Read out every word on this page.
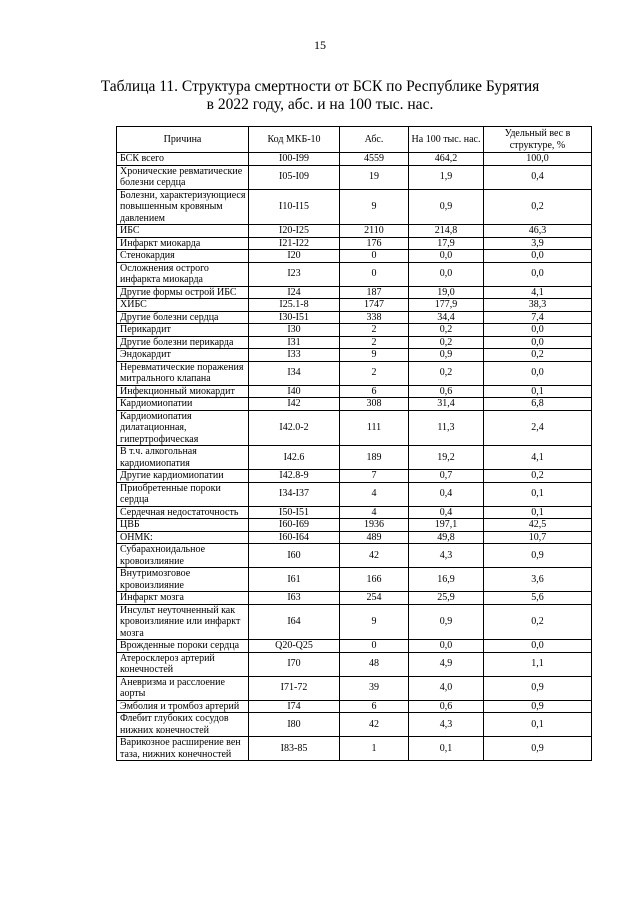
15
Таблица 11. Структура смертности от БСК по Республике Бурятия
в 2022 году, абс. и на 100 тыс. нас.
Причина	Код МКБ-10	Абс.	На 100 тыс. нас.	Удельный вес в структуре, %
БСК всего	I00-I99	4559	464,2	100,0
Хронические ревматические болезни сердца	I05-I09	19	1,9	0,4
Болезни, характеризующиеся повышенным кровяным давлением	I10-I15	9	0,9	0,2
ИБС	I20-I25	2110	214,8	46,3
Инфаркт миокарда	I21-I22	176	17,9	3,9
Стенокардия	I20	0	0,0	0,0
Осложнения острого инфаркта миокарда	I23	0	0,0	0,0
Другие формы острой ИБС	I24	187	19,0	4,1
ХИБС	I25.1-8	1747	177,9	38,3
Другие болезни сердца	I30-I51	338	34,4	7,4
Перикардит	I30	2	0,2	0,0
Другие болезни перикарда	I31	2	0,2	0,0
Эндокардит	I33	9	0,9	0,2
Неревматические поражения митрального клапана	I34	2	0,2	0,0
Инфекционный миокардит	I40	6	0,6	0,1
Кардиомиопатии	I42	308	31,4	6,8
Кардиомиопатия дилатационная, гипертрофическая	I42.0-2	111	11,3	2,4
В т.ч. алкогольная кардиомиопатия	I42.6	189	19,2	4,1
Другие кардиомиопатии	I42.8-9	7	0,7	0,2
Приобретенные пороки сердца	I34-I37	4	0,4	0,1
Сердечная недостаточность	I50-I51	4	0,4	0,1
ЦВБ	I60-I69	1936	197,1	42,5
ОНМК:	I60-I64	489	49,8	10,7
Субарахноидальное кровоизлияние	I60	42	4,3	0,9
Внутримозговое кровоизлияние	I61	166	16,9	3,6
Инфаркт мозга	I63	254	25,9	5,6
Инсульт неуточненный как кровоизлияние или инфаркт мозга	I64	9	0,9	0,2
Врожденные пороки сердца	Q20-Q25	0	0,0	0,0
Атеросклероз артерий конечностей	I70	48	4,9	1,1
Аневризма и расслоение аорты	I71-72	39	4,0	0,9
Эмболия и тромбоз артерий	I74	6	0,6	0,9
Флебит глубоких сосудов нижних конечностей	I80	42	4,3	0,1
Варикозное расширение вен таза, нижних конечностей	I83-85	1	0,1	0,9
